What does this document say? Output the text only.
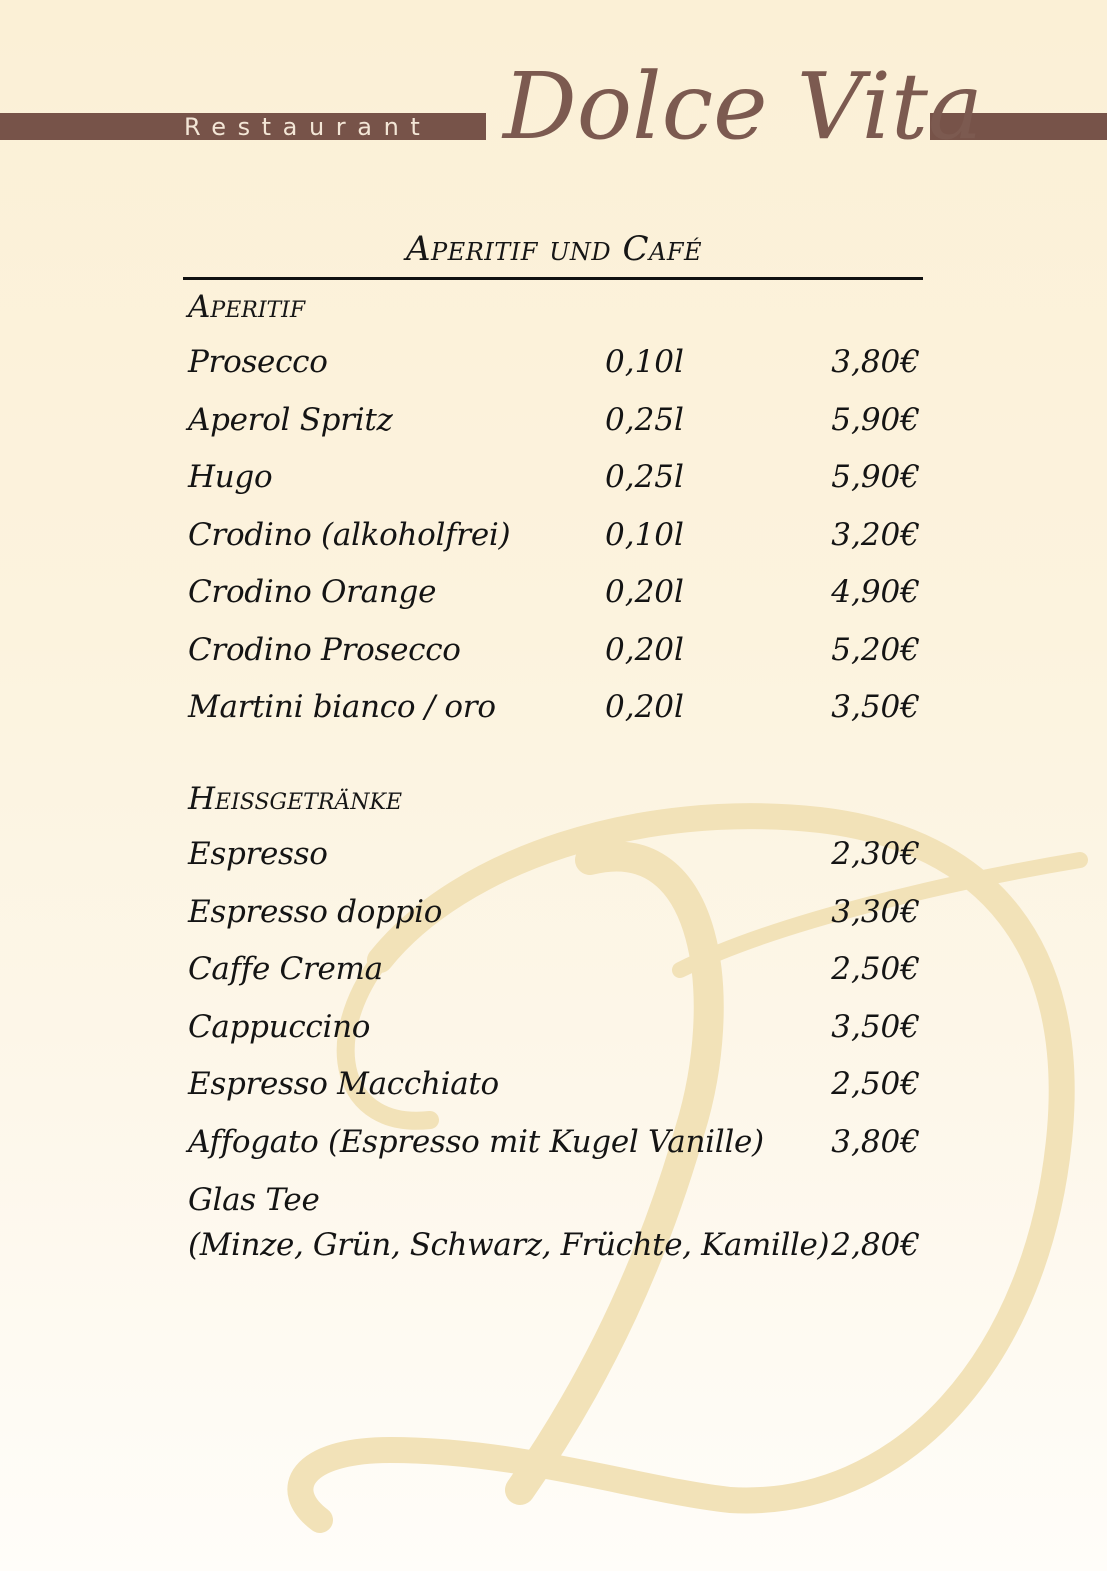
Restaurant Dolce Vita
Aperitif und Café
Aperitif
Prosecco	0,10l	3,80€
Aperol Spritz	0,25l	5,90€
Hugo	0,25l	5,90€
Crodino (alkoholfrei)	0,10l	3,20€
Crodino Orange	0,20l	4,90€
Crodino Prosecco	0,20l	5,20€
Martini bianco / oro	0,20l	3,50€
Heißgetränke
Espresso	2,30€
Espresso doppio	3,30€
Caffe Crema	2,50€
Cappuccino	3,50€
Espresso Macchiato	2,50€
Affogato (Espresso mit Kugel Vanille) 3,80€
Glas Tee
(Minze, Grün, Schwarz, Früchte, Kamille) 2,80€
